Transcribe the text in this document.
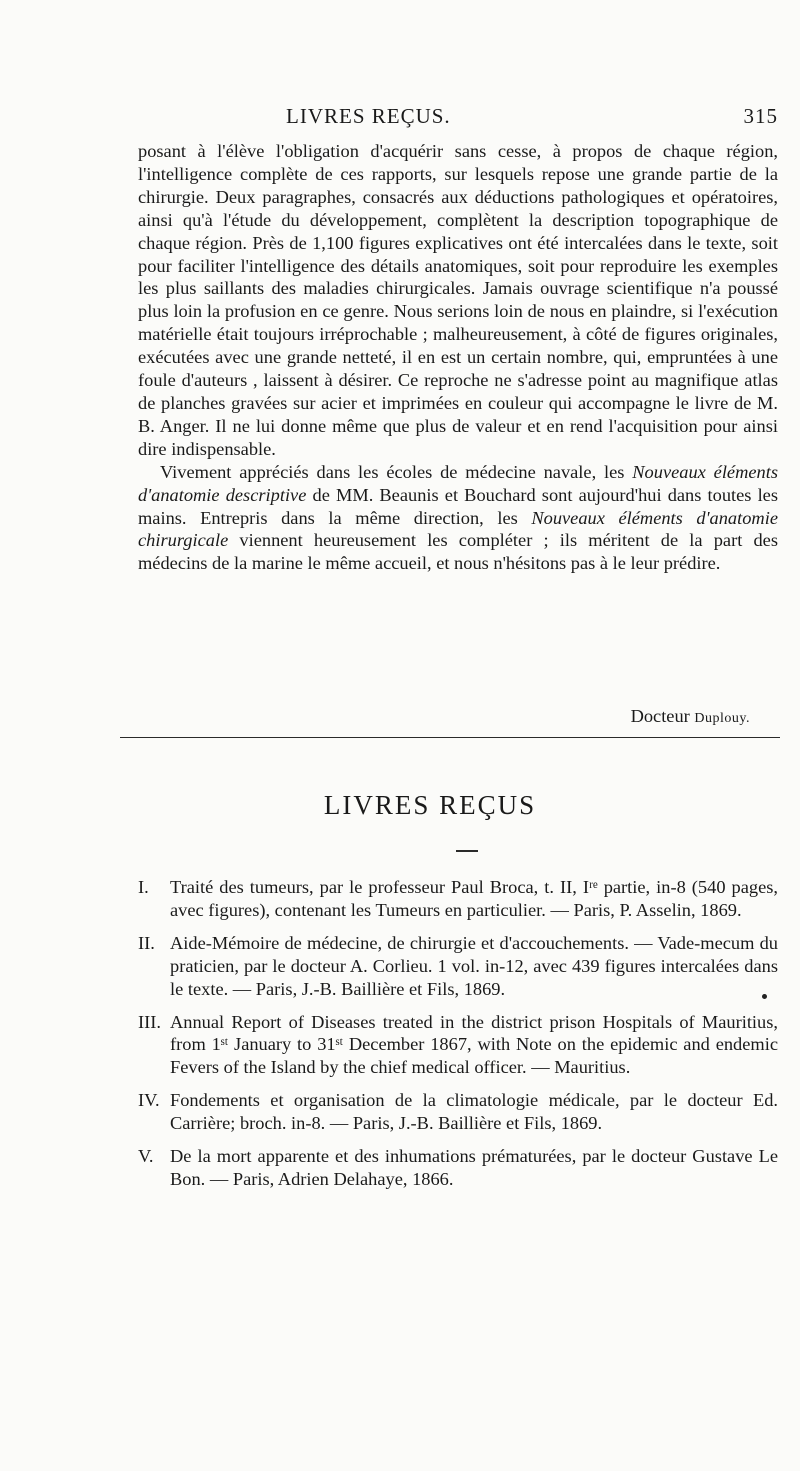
LIVRES REÇUS.	315

posant à l'élève l'obligation d'acquérir sans cesse, à propos de chaque région, l'intelligence complète de ces rapports, sur lesquels repose une grande partie de la chirurgie. Deux paragraphes, consacrés aux déductions pathologiques et opératoires, ainsi qu'à l'étude du développement, complètent la description topographique de chaque région. Près de 1,100 figures explicatives ont été intercalées dans le texte, soit pour faciliter l'intelligence des détails anatomiques, soit pour reproduire les exemples les plus saillants des maladies chirurgicales. Jamais ouvrage scientifique n'a poussé plus loin la profusion en ce genre. Nous serions loin de nous en plaindre, si l'exécution matérielle était toujours irréprochable ; malheureusement, à côté de figures originales, exécutées avec une grande netteté, il en est un certain nombre, qui, empruntées à une foule d'auteurs , laissent à désirer. Ce reproche ne s'adresse point au magnifique atlas de planches gravées sur acier et imprimées en couleur qui accompagne le livre de M. B. Anger. Il ne lui donne même que plus de valeur et en rend l'acquisition pour ainsi dire indispensable.

Vivement appréciés dans les écoles de médecine navale, les Nouveaux éléments d'anatomie descriptive de MM. Beaunis et Bouchard sont aujourd'hui dans toutes les mains. Entrepris dans la même direction, les Nouveaux éléments d'anatomie chirurgicale viennent heureusement les compléter ; ils méritent de la part des médecins de la marine le même accueil, et nous n'hésitons pas à le leur prédire.

Docteur Duplouy.
LIVRES REÇUS
I. Traité des tumeurs, par le professeur Paul Broca, t. II, Iʳᵉ partie, in-8 (540 pages, avec figures), contenant les Tumeurs en particulier. — Paris, P. Asselin, 1869.
II. Aide-Mémoire de médecine, de chirurgie et d'accouchements. — Vade-mecum du praticien, par le docteur A. Corlieu. 1 vol. in-12, avec 439 figures intercalées dans le texte. — Paris, J.-B. Baillière et Fils, 1869.
III. Annual Report of Diseases treated in the district prison Hospitals of Mauritius, from 1ˢᵗ January to 31ˢᵗ December 1867, with Note on the epidemic and endemic Fevers of the Island by the chief medical officer. — Mauritius.
IV. Fondements et organisation de la climatologie médicale, par le docteur Ed. Carrière; broch. in-8. — Paris, J.-B. Baillière et Fils, 1869.
V. De la mort apparente et des inhumations prématurées, par le docteur Gustave Le Bon. — Paris, Adrien Delahaye, 1866.
